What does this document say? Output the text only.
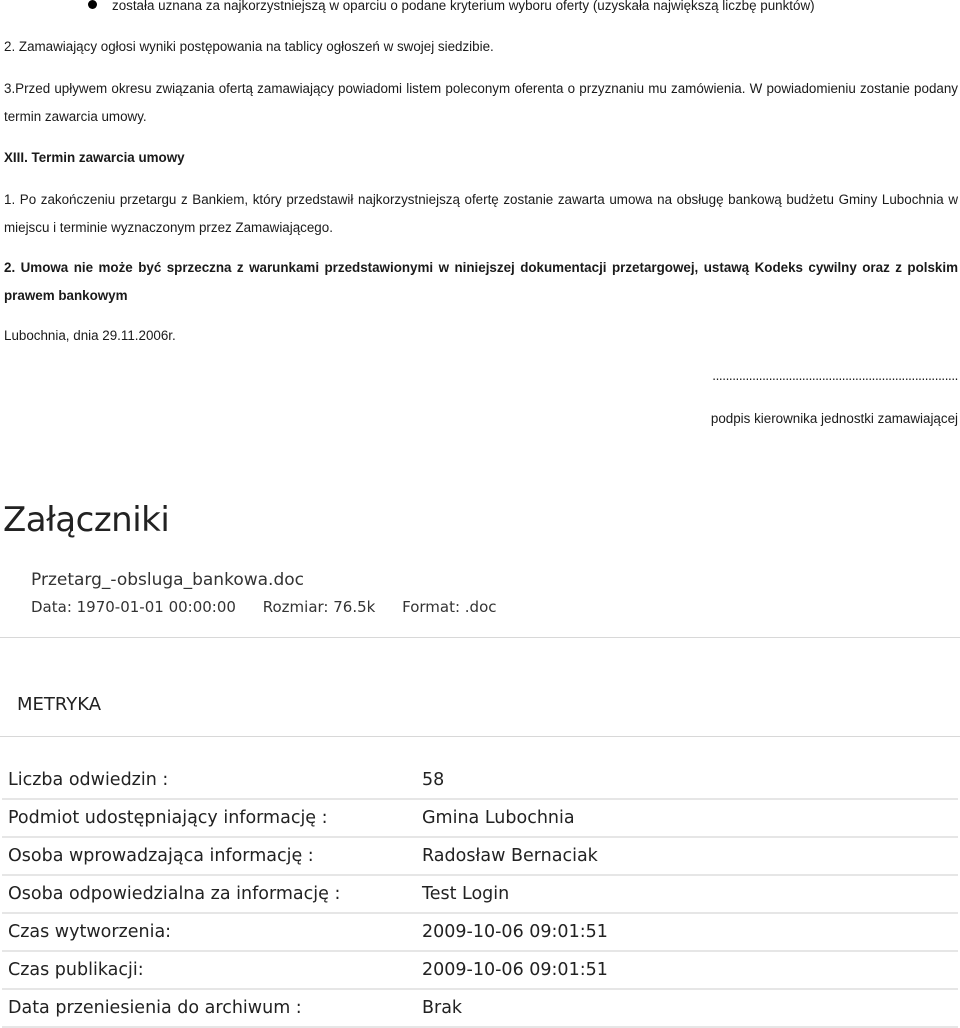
została uznana za najkorzystniejszą w oparciu o podane kryterium wyboru oferty (uzyskała największą liczbę punktów)

2. Zamawiający ogłosi wyniki postępowania na tablicy ogłoszeń w swojej siedzibie.

3.Przed upływem okresu związania ofertą zamawiający powiadomi listem poleconym oferenta o przyznaniu mu zamówienia. W powiadomieniu zostanie podany termin zawarcia umowy.

XIII. Termin zawarcia umowy

1. Po zakończeniu przetargu z Bankiem, który przedstawił najkorzystniejszą ofertę zostanie zawarta umowa na obsługę bankową budżetu Gminy Lubochnia w miejscu i terminie wyznaczonym przez Zamawiającego.

2. Umowa nie może być sprzeczna z warunkami przedstawionymi w niniejszej dokumentacji przetargowej, ustawą Kodeks cywilny oraz z polskim prawem bankowym

Lubochnia, dnia 29.11.2006r.

..........................................................................

podpis kierownika jednostki zamawiającej

Załączniki
Przetarg_-obsluga_bankowa.doc
Data: 1970-01-01 00:00:00 Rozmiar: 76.5k Format: .doc
METRYKA
Liczba odwiedzin :	58
Podmiot udostępniający informację :	Gmina Lubochnia
Osoba wprowadzająca informację :	Radosław Bernaciak
Osoba odpowiedzialna za informację :	Test Login
Czas wytworzenia:	2009-10-06 09:01:51
Czas publikacji:	2009-10-06 09:01:51
Data przeniesienia do archiwum :	Brak
